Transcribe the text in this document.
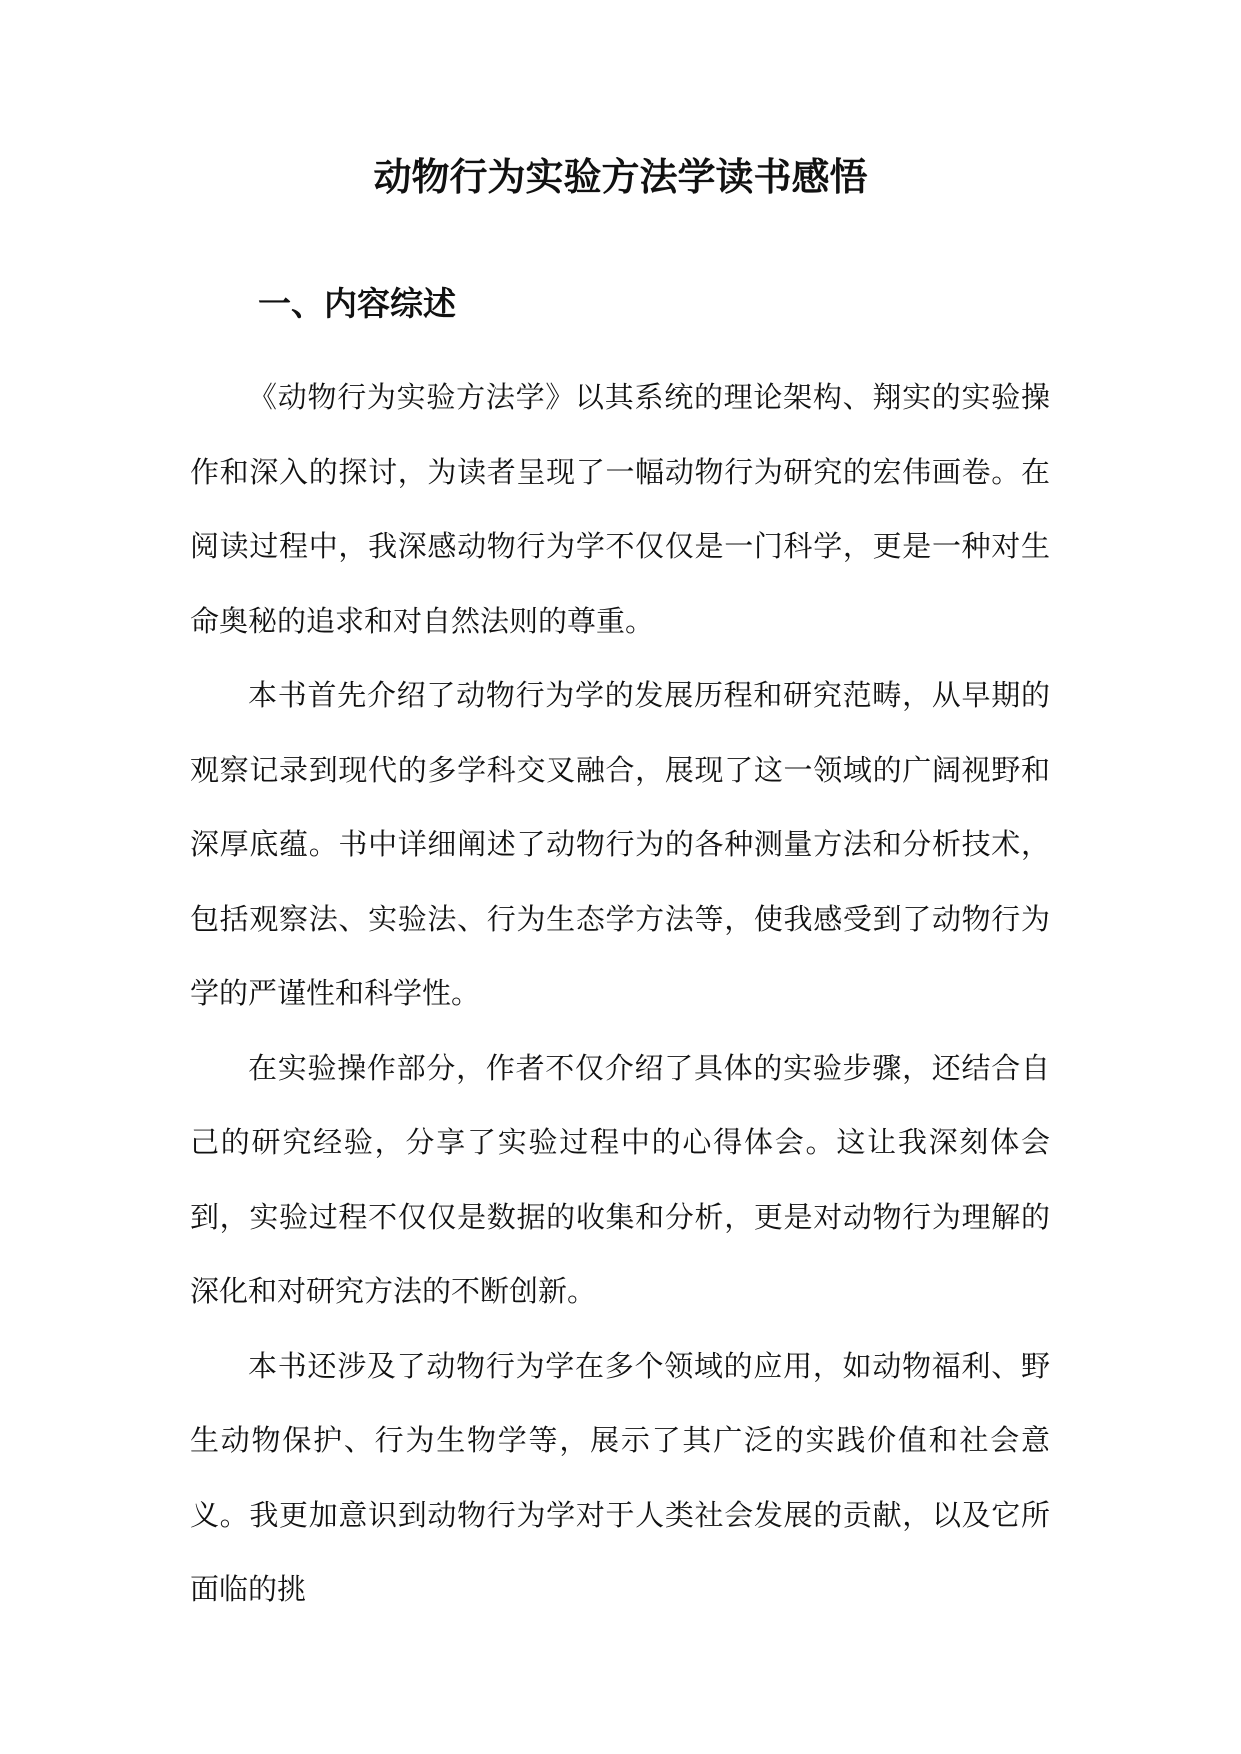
动物行为实验方法学读书感悟
一、内容综述

《动物行为实验方法学》以其系统的理论架构、翔实的实验操作和深入的探讨，为读者呈现了一幅动物行为研究的宏伟画卷。在阅读过程中，我深感动物行为学不仅仅是一门科学，更是一种对生命奥秘的追求和对自然法则的尊重。

本书首先介绍了动物行为学的发展历程和研究范畴，从早期的观察记录到现代的多学科交叉融合，展现了这一领域的广阔视野和深厚底蕴。书中详细阐述了动物行为的各种测量方法和分析技术，包括观察法、实验法、行为生态学方法等，使我感受到了动物行为学的严谨性和科学性。

在实验操作部分，作者不仅介绍了具体的实验步骤，还结合自己的研究经验，分享了实验过程中的心得体会。这让我深刻体会到，实验过程不仅仅是数据的收集和分析，更是对动物行为理解的深化和对研究方法的不断创新。

本书还涉及了动物行为学在多个领域的应用，如动物福利、野生动物保护、行为生物学等，展示了其广泛的实践价值和社会意义。我更加意识到动物行为学对于人类社会发展的贡献，以及它所面临的挑
